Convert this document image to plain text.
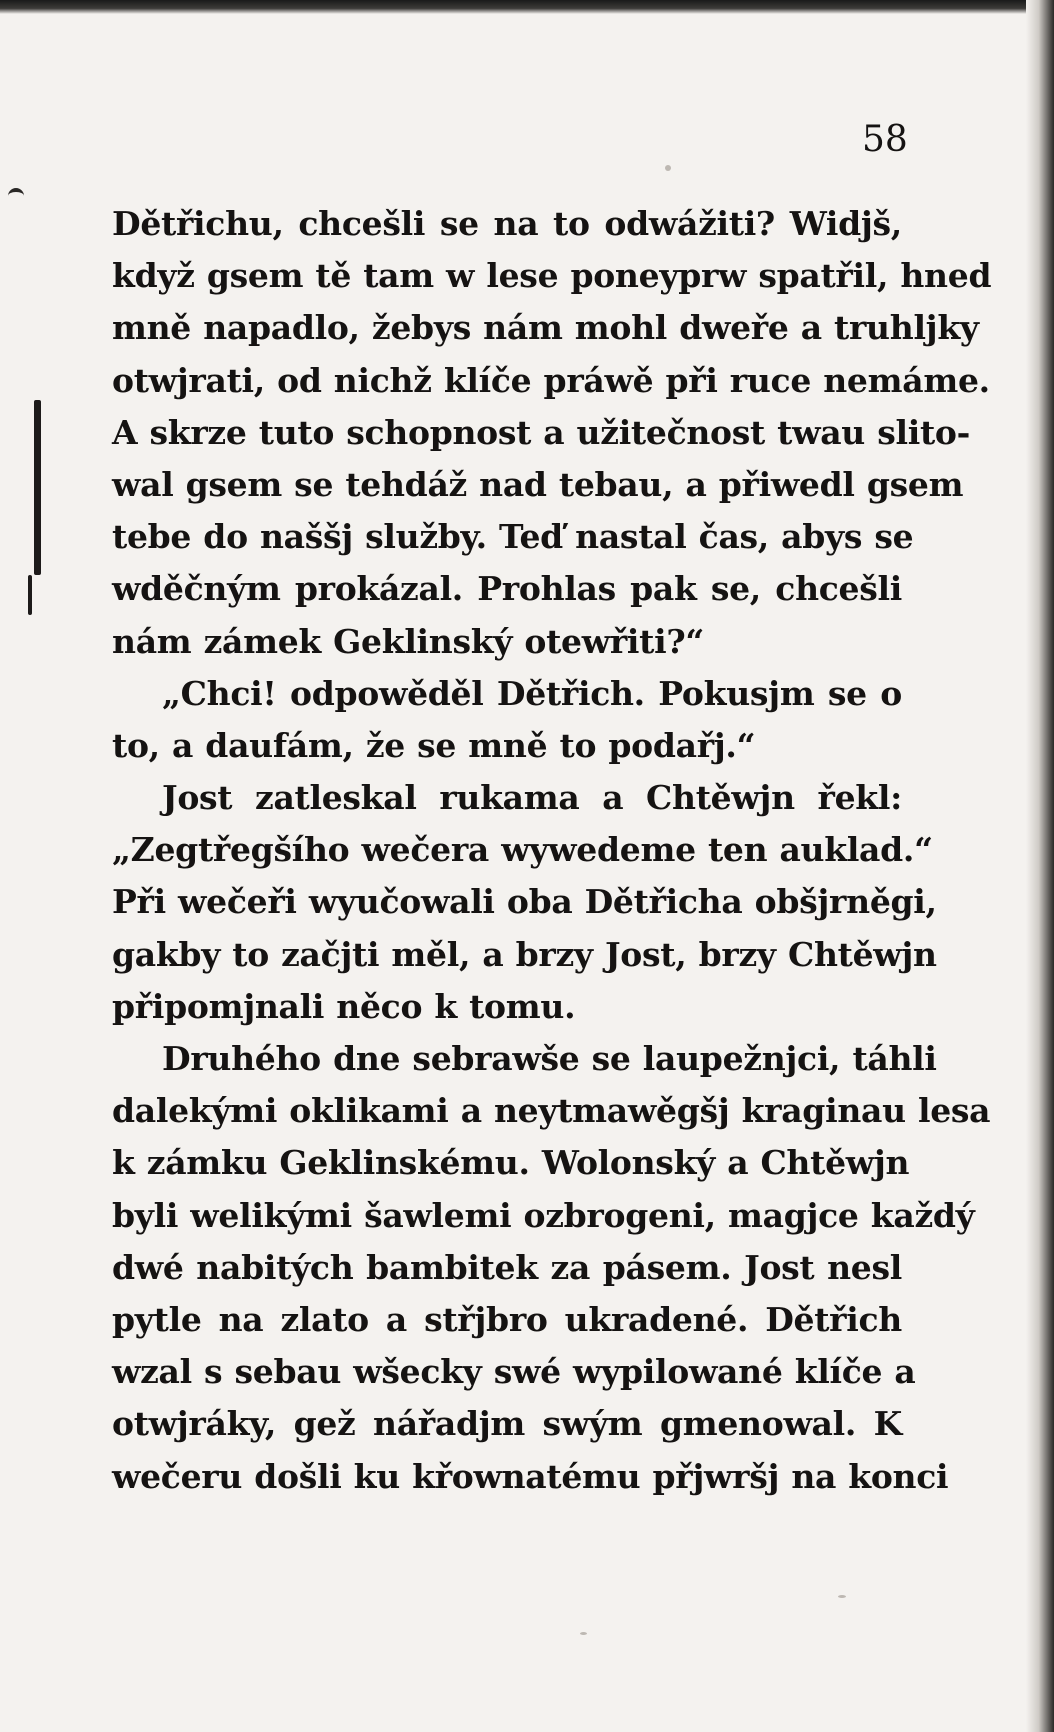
58
Dětřichu, chcešli se na to odwážiti? Widjš,
když gsem tě tam w lese poneyprw spatřil, hned
mně napadlo, žebys nám mohl dweře a truhljky
otwjrati, od nichž klíče práwě při ruce nemáme.
A skrze tuto schopnost a užitečnost twau slito-
wal gsem se tehdáž nad tebau, a přiwedl gsem
tebe do naššj služby. Teď nastal čas, abys se
wděčným prokázal. Prohlas pak se, chcešli
nám zámek Geklinský otewřiti?“
„Chci! odpowěděl Dětřich. Pokusjm se o
to, a daufám, že se mně to podařj.“
Jost zatleskal rukama a Chtěwjn řekl:
„Zegtřegšího wečera wywedeme ten auklad.“
Při wečeři wyučowali oba Dětřicha obšjrněgi,
gakby to začjti měl, a brzy Jost, brzy Chtěwjn
připomjnali něco k tomu.
Druhého dne sebrawše se laupežnjci, táhli
dalekými oklikami a neytmawěgšj kraginau lesa
k zámku Geklinskému. Wolonský a Chtěwjn
byli welikými šawlemi ozbrogeni, magjce každý
dwé nabitých bambitek za pásem. Jost nesl
pytle na zlato a střjbro ukradené. Dětřich
wzal s sebau wšecky swé wypilowané klíče a
otwjráky, gež nářadjm swým gmenowal. K
wečeru došli ku křownatému přjwršj na konci
